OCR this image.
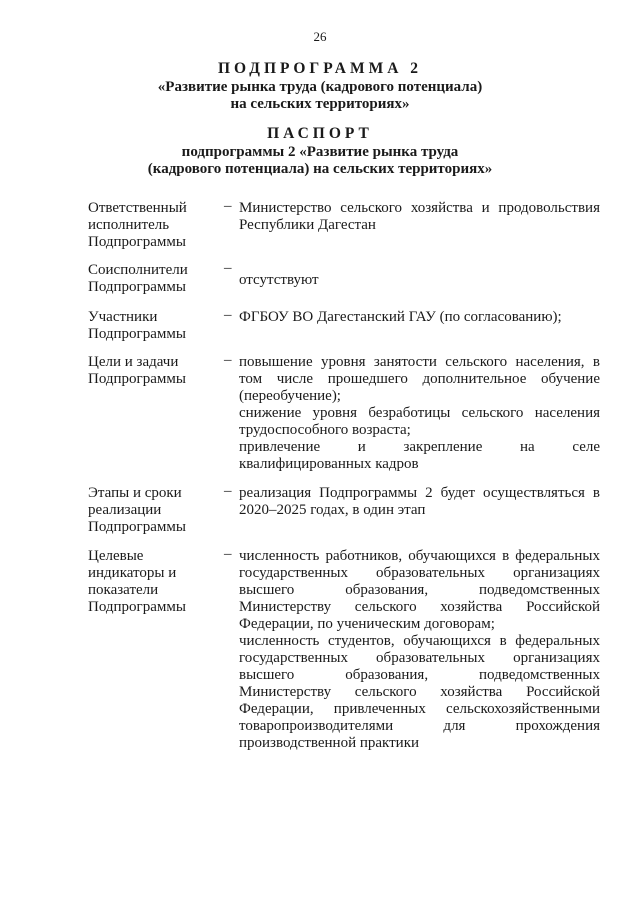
26
ПОДПРОГРАММА 2
«Развитие рынка труда (кадрового потенциала)
на сельских территориях»
ПАСПОРТ
подпрограммы 2 «Развитие рынка труда
(кадрового потенциала) на сельских территориях»
Ответственный
исполнитель
Подпрограммы
– Министерство сельского хозяйства и продовольствия
Республики Дагестан
Соисполнители
Подпрограммы
–
отсутствуют
Участники
Подпрограммы
– ФГБОУ ВО Дагестанский ГАУ (по согласованию);
Цели и задачи
Подпрограммы
– повышение уровня занятости сельского населения, в
том числе прошедшего дополнительное обучение
(переобучение);
снижение уровня безработицы сельского населения
трудоспособного возраста;
привлечение и закрепление на селе
квалифицированных кадров
Этапы и сроки
реализации
Подпрограммы
– реализация Подпрограммы 2 будет осуществляться в
2020–2025 годах, в один этап
Целевые
индикаторы и
показатели
Подпрограммы
– численность работников, обучающихся в федеральных
государственных образовательных организациях
высшего образования, подведомственных
Министерству сельского хозяйства Российской
Федерации, по ученическим договорам;
численность студентов, обучающихся в федеральных
государственных образовательных организациях
высшего образования, подведомственных
Министерству сельского хозяйства Российской
Федерации, привлеченных сельскохозяйственными
товаропроизводителями для прохождения
производственной практики
